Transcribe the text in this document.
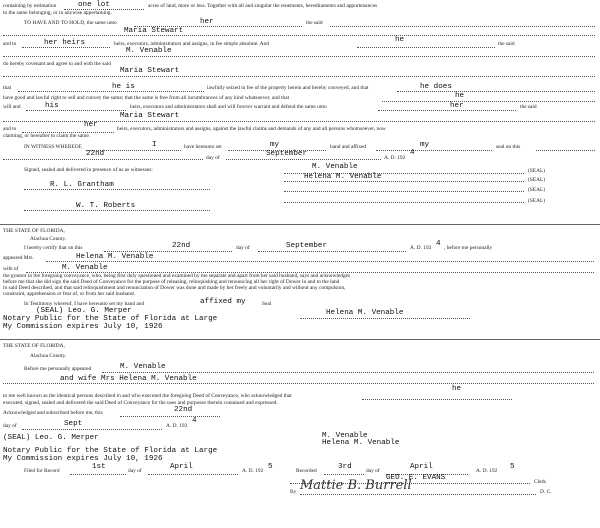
containing by estimation	one lot	acres of land, more or less. Together with all and singular the tenements, hereditaments and appurtenances
to the same belonging, or in anywise appertaining.
TO HAVE AND TO HOLD, the same unto	her	the said
Maria Stewart
and to	her heirs	heirs, executors, administrators and assigns, in fee simple absolute. And	he	the said
M. Venable
do hereby covenant and agree to and with the said
Maria Stewart
that	he is	lawfully seized in fee of the property herein and hereby conveyed, and that	he does
have good and lawful right to sell and convey the same; that the same is free from all incumbrances of any kind whatsoever, and that	he
will and	his	heirs, executors and administrators shall and will forever warrant and defend the same unto	her	the said
Maria Stewart
and to	her	heirs, executors, administrators and assigns, against the lawful claims and demands of any and all persons whomsoever, now
claiming, or hereafter to claim the same.
IN WITNESS WHEREOF,	I	have hereunto set	my	hand and affixed	my	seal on this
22nd	day of	September	A. D. 192
4
Signed, sealed and delivered in presence of us as witnesses:
R. L. Grantham
W. T. Roberts
M. Venable	(SEAL)
Helena M. Venable	(SEAL)
(SEAL)
(SEAL)
THE STATE OF FLORIDA,
Alachua County.
I hereby certify that on this	22nd	day of	September	A. D. 192 4 , before me personally
appeared Mrs.	Helena M. Venable
wife of	M. Venable
the grantor in the foregoing conveyance, who, being first duly questioned and examined by me separate and apart from her said husband, says and acknowledges
before me that she did sign the said Deed of Conveyance for the purpose of releasing, relinquishing and renouncing all her right of Dower in and to the land
in said Deed described, and that said relinquishment and renunciation of Dower was done and made by her freely and voluntarily and without any compulsion,
constraint, apprehension or fear of, or from her said husband.
In Testimony whereof, I have hereunto set my hand and	affixed my	Seal
(SEAL) Leo. G. Merper
Notary Public for the State of Florida at Large
My Commission expires July 10, 1926
Helena M. Venable
THE STATE OF FLORIDA,
Alachua County.
Before me personally appeared	M. Venable
and wife Mrs Helena M. Venable
to me well known as the identical persons described in and who executed the foregoing Deed of Conveyance, who acknowledged that
he
executed, signed, sealed and delivered the said Deed of Conveyance for the uses and purposes therein contained and expressed.
Acknowledged and subscribed before me, this	22nd
day of	Sept	A. D. 192
4
(SEAL) Leo. G. Merper
Notary Public for the State of Florida at Large
My Commission expires July 10, 1926
M. Venable
Helena M. Venable
Filed for Record	1st	day of	April	A. D. 192 5	Recorded	3rd	day of	April	A. D. 192 5
GEO. E. EVANS	Clerk
By Mattie B. Burrell	D. C.
